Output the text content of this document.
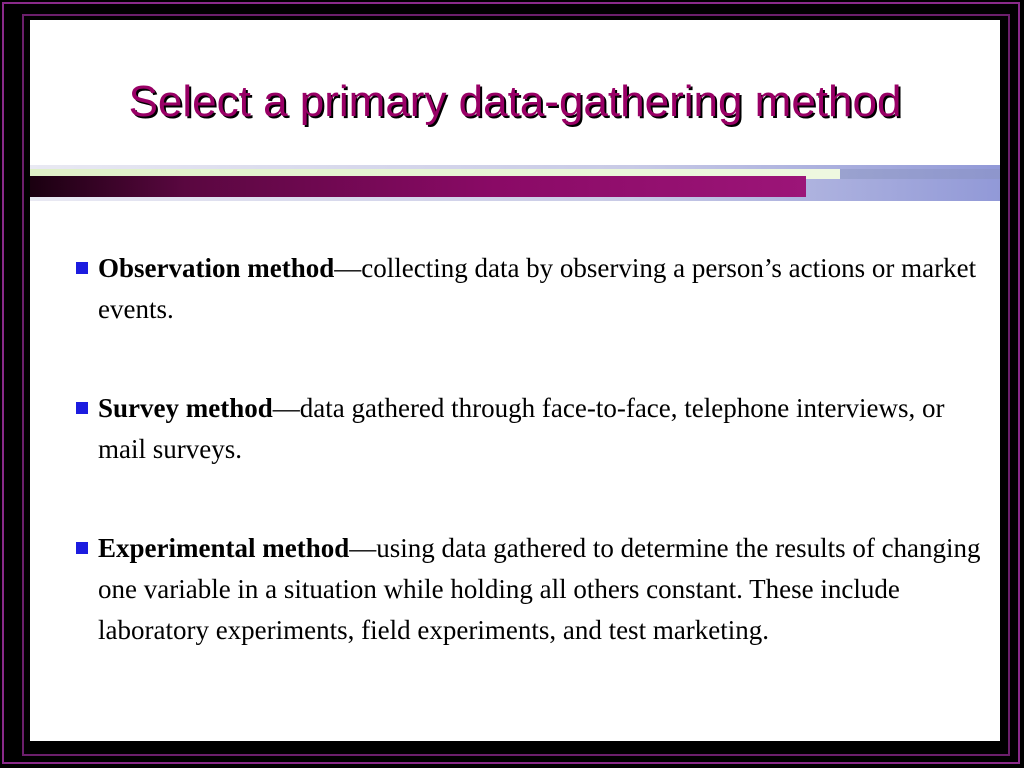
Select a primary data-gathering method
Observation method—collecting data by observing a person’s actions or market events.
Survey method—data gathered through face-to-face, telephone interviews, or mail surveys.
Experimental method—using data gathered to determine the results of changing one variable in a situation while holding all others constant. These include laboratory experiments, field experiments, and test marketing.
